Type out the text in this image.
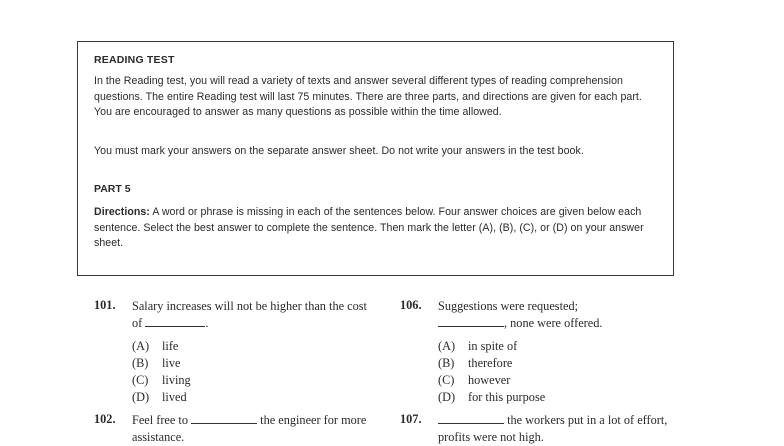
READING TEST
In the Reading test, you will read a variety of texts and answer several different types of reading comprehension questions. The entire Reading test will last 75 minutes. There are three parts, and directions are given for each part. You are encouraged to answer as many questions as possible within the time allowed.
You must mark your answers on the separate answer sheet. Do not write your answers in the test book.
PART 5
Directions: A word or phrase is missing in each of the sentences below. Four answer choices are given below each sentence. Select the best answer to complete the sentence. Then mark the letter (A), (B), (C), or (D) on your answer sheet.
101. Salary increases will not be higher than the cost of	.
(A) life
(B) live
(C) living
(D) lived
106. Suggestions were requested;
, none were offered.
(A) in spite of
(B) therefore
(C) however
(D) for this purpose
102. Feel free to	the engineer for more assistance.
107.	the workers put in a lot of effort, profits were not high.
